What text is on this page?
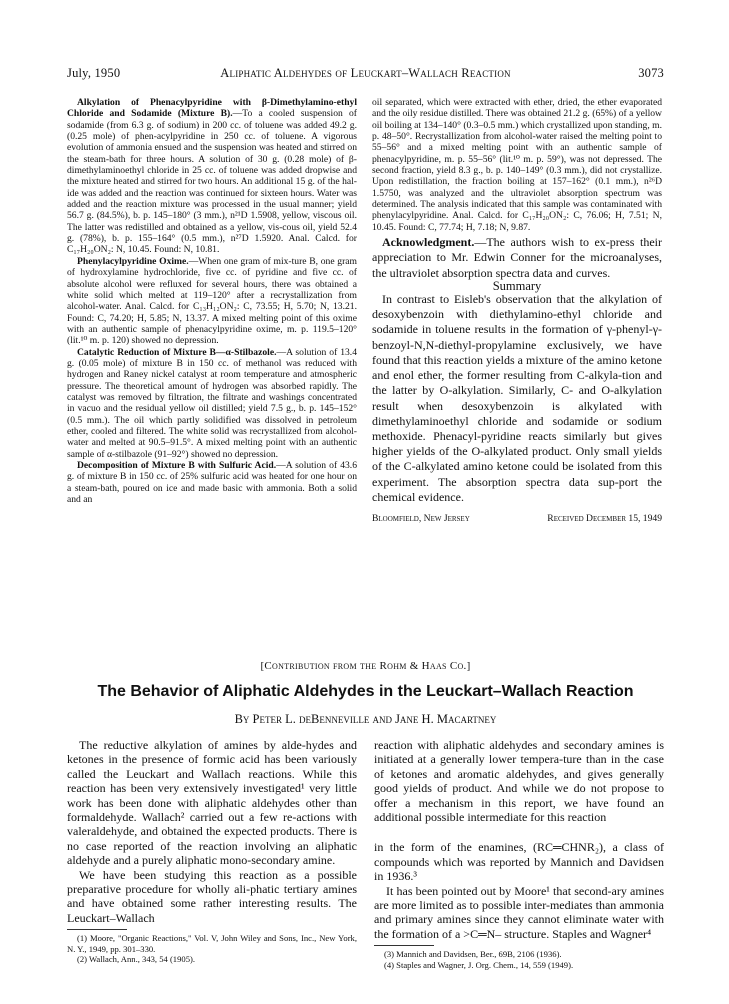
July, 1950	Aliphatic Aldehydes of Leuckart–Wallach Reaction	3073

Alkylation of Phenacylpyridine with β-Dimethylamino-ethyl Chloride and Sodamide (Mixture B).—To a cooled suspension of sodamide (from 6.3 g. of sodium) in 200 cc. of toluene was added 49.2 g. (0.25 mole) of phen-acylpyridine in 250 cc. of toluene. A vigorous evolution of ammonia ensued and the suspension was heated and stirred on the steam-bath for three hours. A solution of 30 g. (0.28 mole) of β-dimethylaminoethyl chloride in 25 cc. of toluene was added dropwise and the mixture heated and stirred for two hours. An additional 15 g. of the hal-ide was added and the reaction was continued for sixteen hours. Water was added and the reaction mixture was processed in the usual manner; yield 56.7 g. (84.5%), b. p. 145–180° (3 mm.), n²¹D 1.5908, yellow, viscous oil. The latter was redistilled and obtained as a yellow, vis-cous oil, yield 52.4 g. (78%), b. p. 155–164° (0.5 mm.), n²⁷D 1.5920. Anal. Calcd. for C₁₇H₂₀ON₂: N, 10.45. Found: N, 10.81.

Phenylacylpyridine Oxime.—When one gram of mix-ture B, one gram of hydroxylamine hydrochloride, five cc. of pyridine and five cc. of absolute alcohol were refluxed for several hours, there was obtained a white solid which melted at 119–120° after a recrystallization from alcohol-water. Anal. Calcd. for C₁₃H₁₂ON₂: C, 73.55; H, 5.70; N, 13.21. Found: C, 74.20; H, 5.85; N, 13.37. A mixed melting point of this oxime with an authentic sample of phenacylpyridine oxime, m. p. 119.5–120° (lit.¹⁰ m. p. 120) showed no depression.

Catalytic Reduction of Mixture B—α-Stilbazole.—A solution of 13.4 g. (0.05 mole) of mixture B in 150 cc. of methanol was reduced with hydrogen and Raney nickel catalyst at room temperature and atmospheric pressure. The theoretical amount of hydrogen was absorbed rapidly. The catalyst was removed by filtration, the filtrate and washings concentrated in vacuo and the residual yellow oil distilled; yield 7.5 g., b. p. 145–152° (0.5 mm.). The oil which partly solidified was dissolved in petroleum ether, cooled and filtered. The white solid was recrystallized from alcohol-water and melted at 90.5–91.5°. A mixed melting point with an authentic sample of α-stilbazole (91–92°) showed no depression.

Decomposition of Mixture B with Sulfuric Acid.—A solution of 43.6 g. of mixture B in 150 cc. of 25% sulfuric acid was heated for one hour on a steam-bath, poured on ice and made basic with ammonia. Both a solid and an

oil separated, which were extracted with ether, dried, the ether evaporated and the oily residue distilled. There was obtained 21.2 g. (65%) of a yellow oil boiling at 134–140° (0.3–0.5 mm.) which crystallized upon standing, m. p. 48–50°. Recrystallization from alcohol-water raised the melting point to 55–56° and a mixed melting point with an authentic sample of phenacylpyridine, m. p. 55–56° (lit.¹⁰ m. p. 59°), was not depressed. The second fraction, yield 8.3 g., b. p. 140–149° (0.3 mm.), did not crystallize. Upon redistillation, the fraction boiling at 157–162° (0.1 mm.), n²⁶D 1.5750, was analyzed and the ultraviolet absorption spectrum was determined. The analysis indicated that this sample was contaminated with phenylacylpyridine. Anal. Calcd. for C₁₇H₂₀ON₂: C, 76.06; H, 7.51; N, 10.45. Found: C, 77.74; H, 7.18; N, 9.87.

Acknowledgment.—The authors wish to ex-press their appreciation to Mr. Edwin Conner for the microanalyses, the ultraviolet absorption spectra data and curves.

Summary

In contrast to Eisleb's observation that the alkylation of desoxybenzoin with diethylamino-ethyl chloride and sodamide in toluene results in the formation of γ-phenyl-γ-benzoyl-N,N-diethyl-propylamine exclusively, we have found that this reaction yields a mixture of the amino ketone and enol ether, the former resulting from C-alkyla-tion and the latter by O-alkylation. Similarly, C- and O-alkylation result when desoxybenzoin is alkylated with dimethylaminoethyl chloride and sodamide or sodium methoxide. Phenacyl-pyridine reacts similarly but gives higher yields of the O-alkylated product. Only small yields of the C-alkylated amino ketone could be isolated from this experiment. The absorption spectra data sup-port the chemical evidence.

Bloomfield, New Jersey	Received December 15, 1949

[Contribution from the Rohm & Haas Co.]
The Behavior of Aliphatic Aldehydes in the Leuckart–Wallach Reaction
By Peter L. deBenneville and Jane H. Macartney

The reductive alkylation of amines by alde-hydes and ketones in the presence of formic acid has been variously called the Leuckart and Wallach reactions. While this reaction has been very extensively investigated¹ very little work has been done with aliphatic aldehydes other than formaldehyde. Wallach² carried out a few re-actions with valeraldehyde, and obtained the expected products. There is no case reported of the reaction involving an aliphatic aldehyde and a purely aliphatic mono-secondary amine.

We have been studying this reaction as a possible preparative procedure for wholly ali-phatic tertiary amines and have obtained some rather interesting results. The Leuckart–Wallach

(1) Moore, "Organic Reactions," Vol. V, John Wiley and Sons, Inc., New York, N. Y., 1949, pp. 301–330.

(2) Wallach, Ann., 343, 54 (1905).

reaction with aliphatic aldehydes and secondary amines is initiated at a generally lower tempera-ture than in the case of ketones and aromatic aldehydes, and gives generally good yields of product. And while we do not propose to offer a mechanism in this report, we have found an additional possible intermediate for this reaction

in the form of the enamines, (RC═CHNR₂), a class of compounds which was reported by Mannich and Davidsen in 1936.³

It has been pointed out by Moore¹ that second-ary amines are more limited as to possible inter-mediates than ammonia and primary amines since they cannot eliminate water with the formation of a >C═N– structure. Staples and Wagner⁴

(3) Mannich and Davidsen, Ber., 69B, 2106 (1936).

(4) Staples and Wagner, J. Org. Chem., 14, 559 (1949).
